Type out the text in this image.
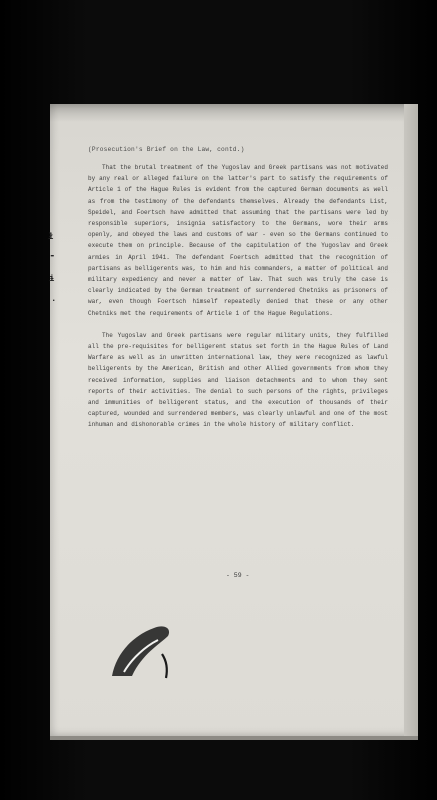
(Prosecution's Brief on the Law, contd.)

That the brutal treatment of the Yugoslav and Greek partisans was not motivated by any real or alleged failure on the latter's part to satisfy the requirements of Article 1 of the Hague Rules is evident from the captured German documents as well as from the testimony of the defendants themselves. Already the defendants List, Speidel, and Foertsch have admitted that assuming that the partisans were led by responsible superiors, insignia satisfactory to the Germans, wore their arms openly, and obeyed the laws and customs of war - even so the Germans continued to execute them on principle. Because of the capitulation of the Yugoslav and Greek armies in April 1941. The defendant Foertsch admitted that the recognition of partisans as belligerents was, to him and his commanders, a matter of political and military expediency and never a matter of law. That such was truly the case is clearly indicated by the German treatment of surrendered Chetniks as prisoners of war, even though Foertsch himself repeatedly denied that these or any other Chetniks met the requirements of Article 1 of the Hague Regulations.

The Yugoslav and Greek partisans were regular military units, they fulfilled all the pre-requisites for belligerent status set forth in the Hague Rules of Land Warfare as well as in unwritten international law, they were recognized as lawful belligerents by the American, British and other Allied governments from whom they received information, supplies and liaison detachments and to whom they sent reports of their activities. The denial to such persons of the rights, privileges and immunities of belligerent status, and the execution of thousands of their captured, wounded and surrendered members, was clearly unlawful and one of the most inhuman and dishonorable crimes in the whole history of military conflict.

ł
⁃
ɨ
·
- 59 -
